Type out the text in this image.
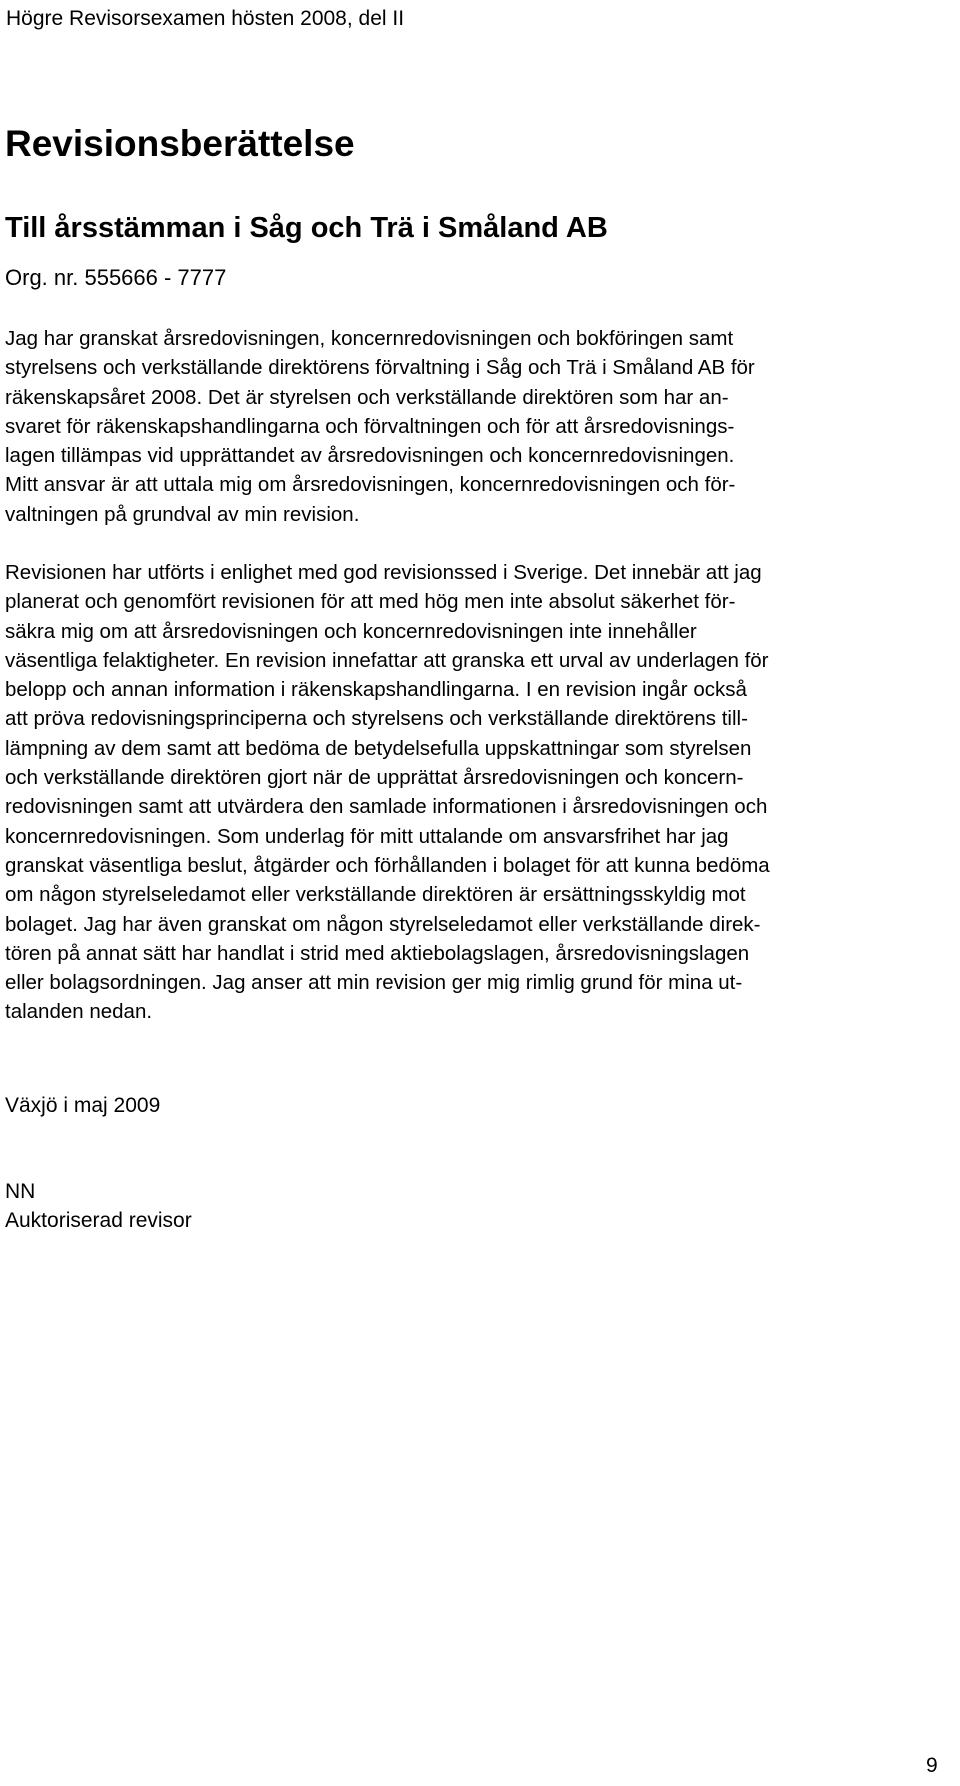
Högre Revisorsexamen hösten 2008, del II
Revisionsberättelse
Till årsstämman i Såg och Trä i Småland AB
Org. nr. 555666 - 7777

Jag har granskat årsredovisningen, koncernredovisningen och bokföringen samt
styrelsens och verkställande direktörens förvaltning i Såg och Trä i Småland AB för
räkenskapsåret 2008. Det är styrelsen och verkställande direktören som har an-
svaret för räkenskapshandlingarna och förvaltningen och för att årsredovisnings-
lagen tillämpas vid upprättandet av årsredovisningen och koncernredovisningen.
Mitt ansvar är att uttala mig om årsredovisningen, koncernredovisningen och för-
valtningen på grundval av min revision.

Revisionen har utförts i enlighet med god revisionssed i Sverige. Det innebär att jag
planerat och genomfört revisionen för att med hög men inte absolut säkerhet för-
säkra mig om att årsredovisningen och koncernredovisningen inte innehåller
väsentliga felaktigheter. En revision innefattar att granska ett urval av underlagen för
belopp och annan information i räkenskapshandlingarna. I en revision ingår också
att pröva redovisningsprinciperna och styrelsens och verkställande direktörens till-
lämpning av dem samt att bedöma de betydelsefulla uppskattningar som styrelsen
och verkställande direktören gjort när de upprättat årsredovisningen och koncern-
redovisningen samt att utvärdera den samlade informationen i årsredovisningen och
koncernredovisningen. Som underlag för mitt uttalande om ansvarsfrihet har jag
granskat väsentliga beslut, åtgärder och förhållanden i bolaget för att kunna bedöma
om någon styrelseledamot eller verkställande direktören är ersättningsskyldig mot
bolaget. Jag har även granskat om någon styrelseledamot eller verkställande direk-
tören på annat sätt har handlat i strid med aktiebolagslagen, årsredovisningslagen
eller bolagsordningen. Jag anser att min revision ger mig rimlig grund för mina ut-
talanden nedan.

Växjö i maj 2009
NN
Auktoriserad revisor
9
